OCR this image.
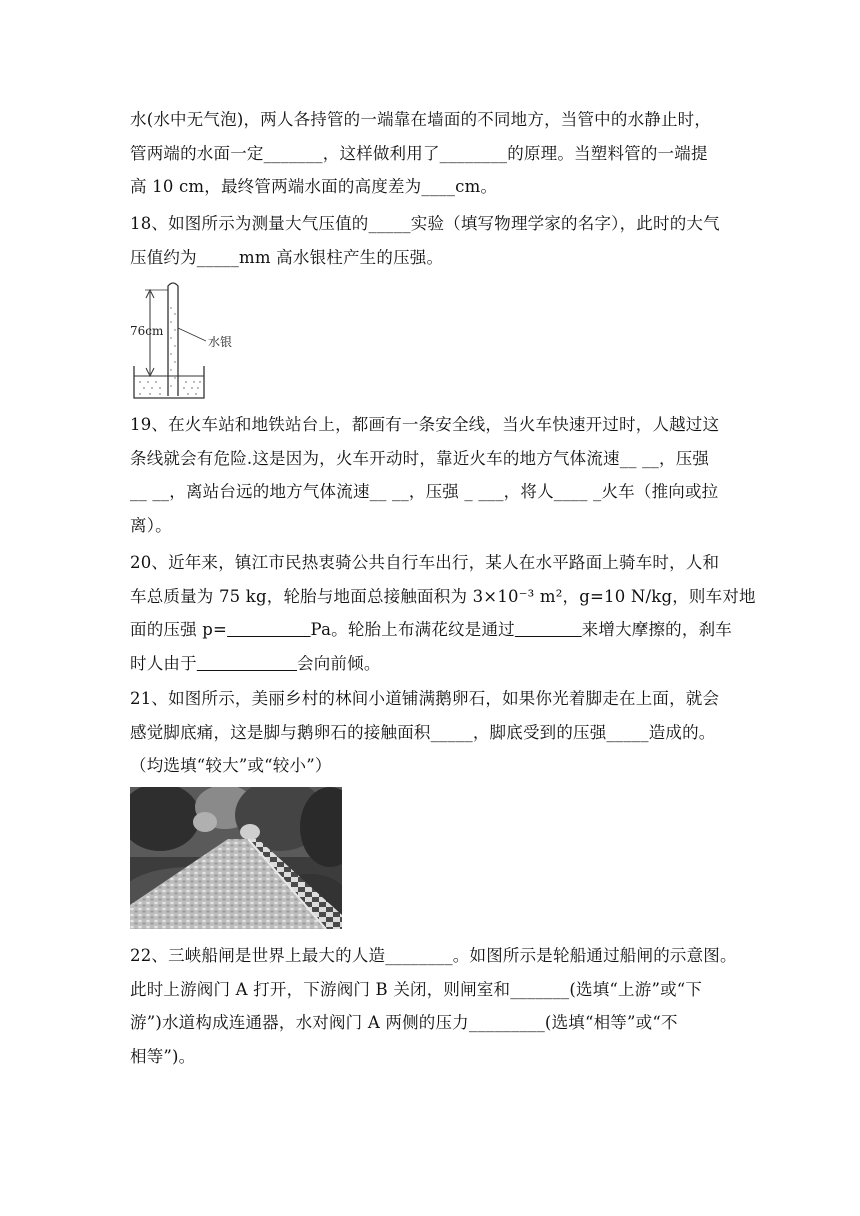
水(水中无气泡)，两人各持管的一端靠在墙面的不同地方，当管中的水静止时，
管两端的水面一定_______，这样做利用了________的原理。当塑料管的一端提
高 10 cm，最终管两端水面的高度差为____cm。
18、如图所示为测量大气压值的_____实验（填写物理学家的名字），此时的大气
压值约为_____mm 高水银柱产生的压强。
76cm
水银
19、在火车站和地铁站台上，都画有一条安全线，当火车快速开过时，人越过这
条线就会有危险.这是因为，火车开动时，靠近火车的地方气体流速__ __，压强
__ __，离站台远的地方气体流速__ __，压强 _ ___，将人____ _火车（推向或拉
离）。
20、近年来，镇江市民热衷骑公共自行车出行，某人在水平路面上骑车时，人和
车总质量为 75 kg，轮胎与地面总接触面积为 3×10⁻³ m²，g=10 N/kg，则车对地
面的压强 p=　　　　　	Pa。轮胎上布满花纹是通过　　　　	来增大摩擦的，刹车
时人由于　　　　　　	会向前倾。
21、如图所示，美丽乡村的林间小道铺满鹅卵石，如果你光着脚走在上面，就会
感觉脚底痛，这是脚与鹅卵石的接触面积_____，脚底受到的压强_____造成的。
（均选填“较大”或“较小”）
22、三峡船闸是世界上最大的人造________。如图所示是轮船通过船闸的示意图。
此时上游阀门 A 打开，下游阀门 B 关闭，则闸室和_______(选填“上游”或“下
游”)水道构成连通器，水对阀门 A 两侧的压力_________(选填“相等”或“不
相等”)。
